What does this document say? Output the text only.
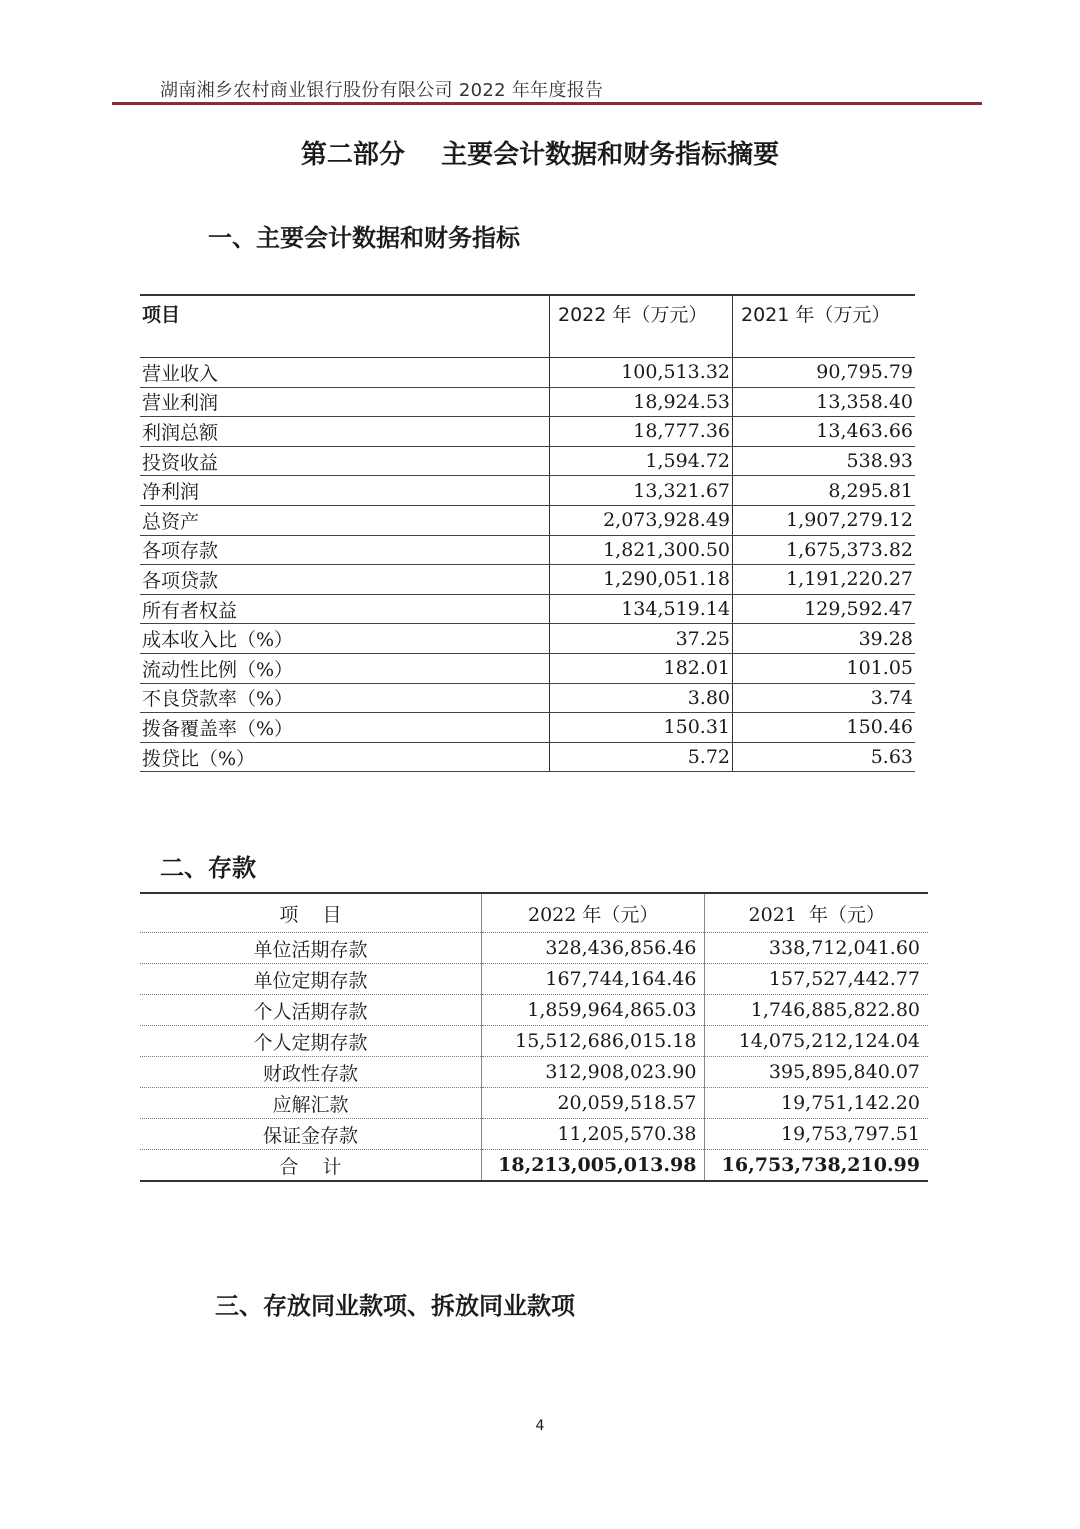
湖南湘乡农村商业银行股份有限公司 2022 年年度报告
第二部分    主要会计数据和财务指标摘要
一、主要会计数据和财务指标
项目	2022 年（万元）	2021 年（万元）
营业收入	100,513.32	90,795.79
营业利润	18,924.53	13,358.40
利润总额	18,777.36	13,463.66
投资收益	1,594.72	538.93
净利润	13,321.67	8,295.81
总资产	2,073,928.49	1,907,279.12
各项存款	1,821,300.50	1,675,373.82
各项贷款	1,290,051.18	1,191,220.27
所有者权益	134,519.14	129,592.47
成本收入比（%）	37.25	39.28
流动性比例（%）	182.01	101.05
不良贷款率（%）	3.80	3.74
拨备覆盖率（%）	150.31	150.46
拨贷比（%）	5.72	5.63
二、存款
项    目	2022 年（元）	2021  年（元）
单位活期存款	328,436,856.46	338,712,041.60
单位定期存款	167,744,164.46	157,527,442.77
个人活期存款	1,859,964,865.03	1,746,885,822.80
个人定期存款	15,512,686,015.18	14,075,212,124.04
财政性存款	312,908,023.90	395,895,840.07
应解汇款	20,059,518.57	19,751,142.20
保证金存款	11,205,570.38	19,753,797.51
合    计	18,213,005,013.98	16,753,738,210.99
三、存放同业款项、拆放同业款项
4
